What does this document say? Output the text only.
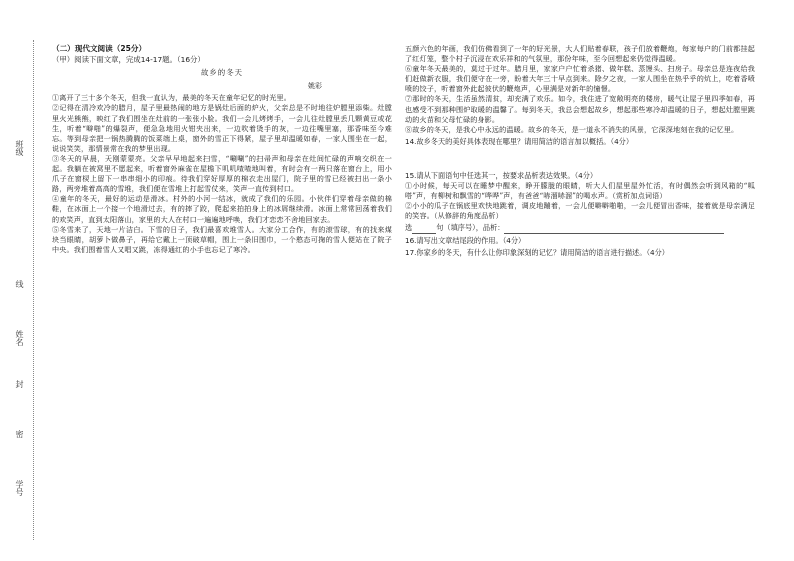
班级
线
姓名
封
密
学号
（二）现代文阅读（25分）
（甲）阅读下面文章，完成14-17题。（16分）
故乡的冬天
姚彩

①离开了三十多个冬天，但我一直认为，最美的冬天在童年记忆的时光里。

②记得在清冷欢冷的腊月，屋子里最热闹的地方是锅灶后面的炉火，父亲总是不时地往炉膛里添柴。灶膛里火光熊熊，映红了我们围坐在灶前的一张张小脸。我们一会儿烤烤手，一会儿往灶膛里丢几颗黄豆或花生，听着“噼啪”的爆裂声，便急急地用火钳夹出来，一边吹着烫手的灰，一边往嘴里塞，那香味至今难忘。等到母亲把一锅热腾腾的饭菜端上桌，窗外的雪正下得紧，屋子里却温暖如春，一家人围坐在一起，说说笑笑，那情景常在我的梦里出现。

③冬天的早晨，天刚蒙蒙亮。父亲早早地起来扫雪，“唰唰”的扫帚声和母亲在灶间忙碌的声响交织在一起。我躺在被窝里不愿起来，听着窗外麻雀在屋檐下叽叽喳喳地叫着，有时会有一两只落在窗台上，用小爪子在窗棂上留下一串串细小的印痕。待我们穿好厚厚的棉衣走出屋门，院子里的雪已经被扫出一条小路，两旁堆着高高的雪堆，我们便在雪堆上打起雪仗来，笑声一直传到村口。

④童年的冬天，最好的运动是滑冰。村外的小河一结冰，就成了我们的乐园。小伙伴们穿着母亲做的棉鞋，在冰面上一个接一个地滑过去，有的摔了跤，爬起来拍拍身上的冰屑继续滑。冰面上常常回荡着我们的欢笑声，直到太阳落山，家里的大人在村口一遍遍地呼唤，我们才恋恋不舍地回家去。

⑤冬雪来了，天地一片洁白。下雪的日子，我们最喜欢堆雪人。大家分工合作，有的滚雪球，有的找来煤块当眼睛，胡萝卜做鼻子，再给它戴上一顶破草帽，围上一条旧围巾，一个憨态可掬的雪人便站在了院子中央。我们围着雪人又唱又跳，冻得通红的小手也忘记了寒冷。

五颜六色的年画，我们仿佛看到了一年的好光景，大人们贴着春联，孩子们放着鞭炮，每家每户的门前都挂起了红灯笼，整个村子沉浸在欢乐祥和的气氛里，那份年味，至今回想起来仍觉得温暖。

⑥童年冬天最美的，莫过于过年。腊月里，家家户户忙着杀猪、做年糕、蒸馒头、扫房子。母亲总是连夜给我们赶做新衣服，我们便守在一旁，盼着大年三十早点到来。除夕之夜，一家人围坐在热乎乎的炕上，吃着香喷喷的饺子，听着窗外此起彼伏的鞭炮声，心里满是对新年的憧憬。

⑦那时的冬天，生活虽然清贫，却充满了欢乐。如今，我住进了宽敞明亮的楼房，暖气让屋子里四季如春，再也感受不到那种围炉取暖的温馨了。每到冬天，我总会想起故乡，想起那些寒冷却温暖的日子，想起灶膛里跳动的火苗和父母忙碌的身影。

⑧故乡的冬天，是我心中永远的温暖。故乡的冬天，是一道永不消失的风景，它深深地刻在我的记忆里。

14.故乡冬天的美好具体表现在哪里？请用简洁的语言加以概括。（4分）
15.请从下面语句中任选其一，按要求品析表达效果。（4分）

①小时候，每天可以在睡梦中醒来，睁开朦胧的眼睛，听大人们屋里屋外忙活，有时偶然会听到风箱的“呱嗒”声，有柳树和飘雪的“哗哗”声，有爸爸“哧溜哧溜”的喝水声。（赏析加点词语）

②小小的瓜子在锅底里欢快地跳着，调皮地蹦着，一会儿便噼噼啪啪，一会儿便冒出香味，接着就是母亲满足的笑容。（从修辞的角度品析）

选	句（填序号），品析：
16.请写出文章结尾段的作用。（4分）
17.你家乡的冬天，有什么让你印象深刻的记忆？请用简洁的语言进行描述。（4分）
